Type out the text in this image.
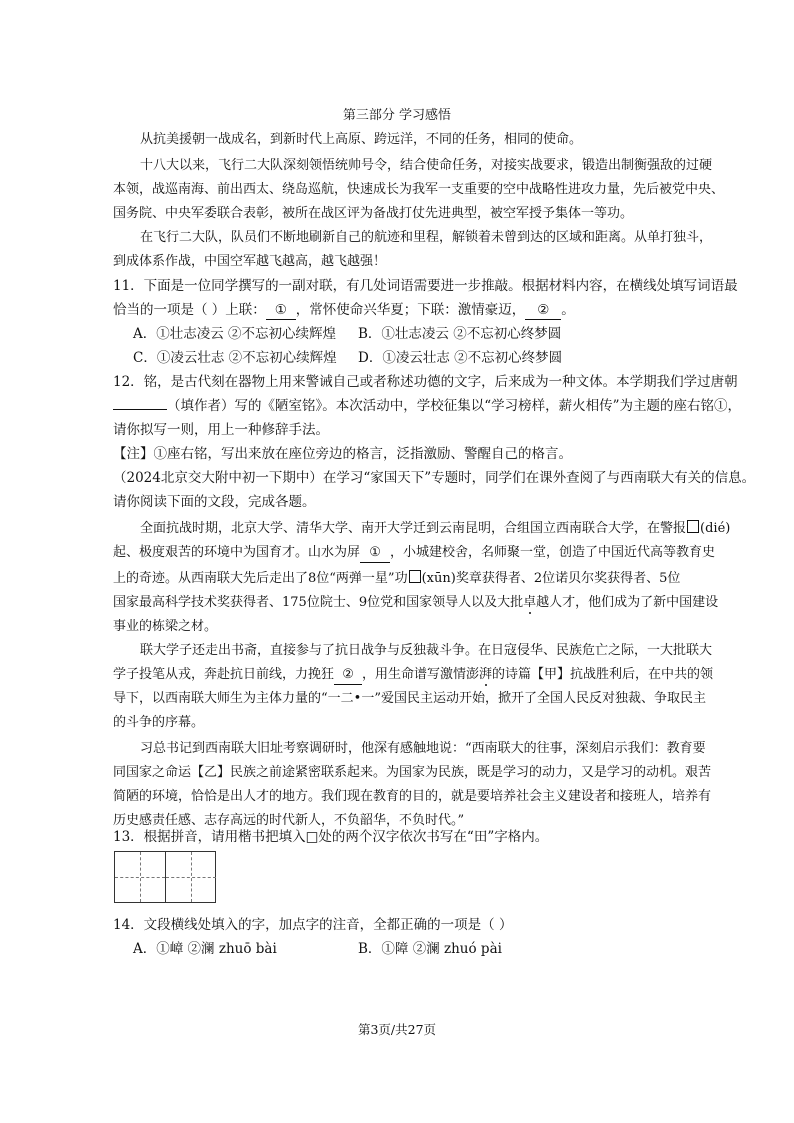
第三部分 学习感悟
从抗美援朝一战成名，到新时代上高原、跨远洋，不同的任务，相同的使命。
十八大以来，飞行二大队深刻领悟统帅号令，结合使命任务，对接实战要求，锻造出制衡强敌的过硬
本领，战巡南海、前出西太、绕岛巡航，快速成长为我军一支重要的空中战略性进攻力量，先后被党中央、
国务院、中央军委联合表彰，被所在战区评为备战打仗先进典型，被空军授予集体一等功。
在飞行二大队，队员们不断地刷新自己的航迹和里程，解锁着未曾到达的区域和距离。从单打独斗，
到成体系作战，中国空军越飞越高，越飞越强！
11．下面是一位同学撰写的一副对联，有几处词语需要进一步推敲。根据材料内容，在横线处填写词语最
恰当的一项是（ ）上联： ① ，常怀使命兴华夏；下联：激情豪迈， ② 。
A．①壮志凌云 ②不忘初心续辉煌 B．①壮志凌云 ②不忘初心终梦圆
C．①凌云壮志 ②不忘初心续辉煌 D．①凌云壮志 ②不忘初心终梦圆
12．铭，是古代刻在器物上用来警诫自己或者称述功德的文字，后来成为一种文体。本学期我们学过唐朝
（填作者）写的《陋室铭》。本次活动中，学校征集以“学习榜样，薪火相传”为主题的座右铭①，
请你拟写一则，用上一种修辞手法。
【注】①座右铭，写出来放在座位旁边的格言，泛指激励、警醒自己的格言。
（2024北京交大附中初一下期中）在学习“家国天下”专题时，同学们在课外查阅了与西南联大有关的信息。
请你阅读下面的文段，完成各题。
全面抗战时期，北京大学、清华大学、南开大学迁到云南昆明，合组国立西南联合大学，在警报 (dié)
起、极度艰苦的环境中为国育才。山水为屏 ① ，小城建校舍，名师聚一堂，创造了中国近代高等教育史
上的奇迹。从西南联大先后走出了8位“两弹一星”功 (xūn)奖章获得者、2位诺贝尔奖获得者、5位
国家最高科学技术奖获得者、175位院士、9位党和国家领导人以及大批卓越人才，他们成为了新中国建设
事业的栋梁之材。
联大学子还走出书斋，直接参与了抗日战争与反独裁斗争。在日寇侵华、民族危亡之际，一大批联大
学子投笔从戎，奔赴抗日前线，力挽狂 ② ，用生命谱写激情澎湃的诗篇【甲】抗战胜利后，在中共的领
导下，以西南联大师生为主体力量的“一二•一”爱国民主运动开始，掀开了全国人民反对独裁、争取民主
的斗争的序幕。
习总书记到西南联大旧址考察调研时，他深有感触地说：“西南联大的往事，深刻启示我们：教育要
同国家之命运【乙】民族之前途紧密联系起来。为国家为民族，既是学习的动力，又是学习的动机。艰苦
简陋的环境，恰恰是出人才的地方。我们现在教育的目的，就是要培养社会主义建设者和接班人，培养有
历史感责任感、志存高远的时代新人，不负韶华，不负时代。”
13．根据拼音，请用楷书把填入□处的两个汉字依次书写在“田”字格内。
14．文段横线处填入的字，加点字的注音，全都正确的一项是（ ）
A．①嶂 ②澜 zhuō bài	B．①障 ②澜 zhuó pài
第3页/共27页
